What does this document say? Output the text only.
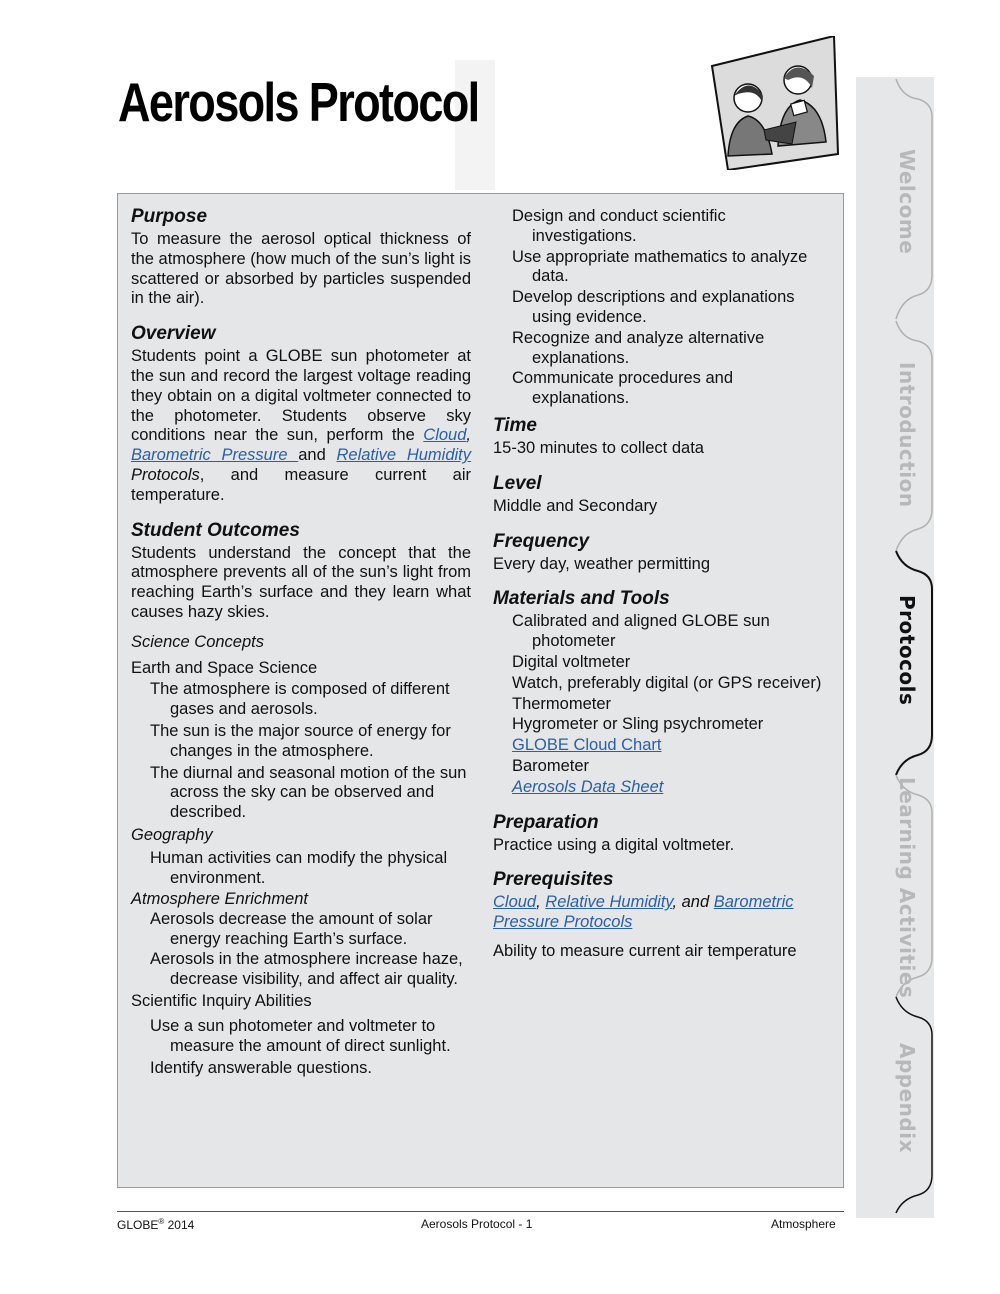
Aerosols Protocol
Purpose

To measure the aerosol optical thickness of the atmosphere (how much of the sun’s light is scattered or absorbed by particles suspended in the air).

Overview

Students point a GLOBE sun photometer at the sun and record the largest voltage reading they obtain on a digital voltmeter connected to the photometer. Students observe sky conditions near the sun, perform the Cloud, Barometric Pressure and Relative Humidity Protocols, and measure current air temperature.

Student Outcomes

Students understand the concept that the atmosphere prevents all of the sun’s light from reaching Earth’s surface and they learn what causes hazy skies.

Science Concepts

Earth and Space Science

The atmosphere is composed of different gases and aerosols.

The sun is the major source of energy for changes in the atmosphere.

The diurnal and seasonal motion of the sun across the sky can be observed and described.

Geography

Human activities can modify the physical environment.

Atmosphere Enrichment

Aerosols decrease the amount of solar energy reaching Earth’s surface.

Aerosols in the atmosphere increase haze, decrease visibility, and affect air quality.

Scientific Inquiry Abilities

Use a sun photometer and voltmeter to measure the amount of direct sunlight.

Identify answerable questions.

Design and conduct scientific investigations.

Use appropriate mathematics to analyze data.

Develop descriptions and explanations using evidence.

Recognize and analyze alternative explanations.

Communicate procedures and explanations.

Time

15-30 minutes to collect data

Level

Middle and Secondary

Frequency

Every day, weather permitting

Materials and Tools

Calibrated and aligned GLOBE sun photometer

Digital voltmeter

Watch, preferably digital (or GPS receiver)

Thermometer

Hygrometer or Sling psychrometer

GLOBE Cloud Chart

Barometer

Aerosols Data Sheet

Preparation

Practice using a digital voltmeter.

Prerequisites

Cloud, Relative Humidity, and Barometric Pressure Protocols

Ability to measure current air temperature

GLOBE® 2014	Aerosols Protocol - 1	Atmosphere
Welcome
Introduction
Protocols
Learning Activities
Appendix
